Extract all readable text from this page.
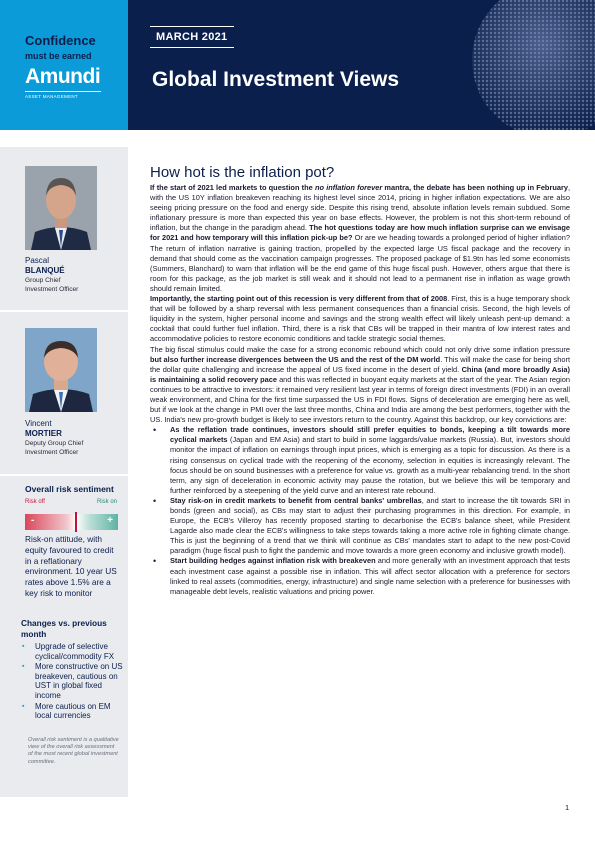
Confidence
must be earned
Amundi
ASSET MANAGEMENT
MARCH 2021
Global Investment Views
Pascal
BLANQUÉ
Group Chief
Investment Officer
Vincent
MORTIER
Deputy Group Chief
Investment Officer
Overall risk sentiment
Risk off	Risk on
-	+
Risk-on attitude, with equity favoured to credit in a reflationary environment. 10 year US rates above 1.5% are a key risk to monitor
Changes vs. previous month
▪ Upgrade of selective cyclical/commodity FX
▪ More constructive on US breakeven, cautious on UST in global fixed income
▪ More cautious on EM local currencies
Overall risk sentiment is a qualitative view of the overall risk assessment of the most recent global investment committee.
How hot is the inflation pot?

If the start of 2021 led markets to question the no inflation forever mantra, the debate has been nothing up in February, with the US 10Y inflation breakeven reaching its highest level since 2014, pricing in higher inflation expectations. We are also seeing pricing pressure on the food and energy side. Despite this rising trend, absolute inflation levels remain subdued. Some inflationary pressure is more than expected this year on base effects. However, the problem is not this short-term rebound of inflation, but the change in the paradigm ahead. The hot questions today are how much inflation surprise can we envisage for 2021 and how temporary will this inflation pick-up be? Or are we heading towards a prolonged period of higher inflation? The return of inflation narrative is gaining traction, propelled by the expected large US fiscal package and the recovery in demand that should come as the vaccination campaign progresses. The proposed package of $1.9tn has led some economists (Summers, Blanchard) to warn that inflation will be the end game of this huge fiscal push. However, others argue that there is room for this package, as the job market is still weak and it should not lead to a permanent rise in inflation as wage growth should remain limited.

Importantly, the starting point out of this recession is very different from that of 2008. First, this is a huge temporary shock that will be followed by a sharp reversal with less permanent consequences than a financial crisis. Second, the high levels of liquidity in the system, higher personal income and savings and the strong wealth effect will likely unleash pent-up demand: a cocktail that could further fuel inflation. Third, there is a risk that CBs will be trapped in their mantra of low interest rates and accommodative policies to restore economic conditions and tackle strategic social themes.

The big fiscal stimulus could make the case for a strong economic rebound which could not only drive some inflation pressure but also further increase divergences between the US and the rest of the DM world. This will make the case for being short the dollar quite challenging and increase the appeal of US fixed income in the desert of yield. China (and more broadly Asia) is maintaining a solid recovery pace and this was reflected in buoyant equity markets at the start of the year. The Asian region continues to be attractive to investors: it remained very resilient last year in terms of foreign direct investments (FDI) in an overall weak environment, and China for the first time surpassed the US in FDI flows. Signs of deceleration are emerging here as well, but if we look at the change in PMI over the last three months, China and India are among the best performers, together with the US. India's new pro-growth budget is likely to see investors return to the country. Against this backdrop, our key convictions are:

• As the reflation trade continues, investors should still prefer equities to bonds, keeping a tilt towards more cyclical markets (Japan and EM Asia) and start to build in some laggards/value markets (Russia). But, investors should monitor the impact of inflation on earnings through input prices, which is emerging as a topic for discussion. As there is a rising consensus on cyclical trade with the reopening of the economy, selection in equities is increasingly relevant. The focus should be on sound businesses with a preference for value vs. growth as a multi-year rebalancing trend. In the short term, any sign of deceleration in economic activity may pause the rotation, but we believe this will be temporary and further reinforced by a steepening of the yield curve and an interest rate rebound.
• Stay risk-on in credit markets to benefit from central banks' umbrellas, and start to increase the tilt towards SRI in bonds (green and social), as CBs may start to adjust their purchasing programmes in this direction. For example, in Europe, the ECB's Villeroy has recently proposed starting to decarbonise the ECB's balance sheet, while President Lagarde also made clear the ECB's willingness to take steps towards taking a more active role in fighting climate change. This is just the beginning of a trend that we think will continue as CBs' mandates start to adapt to the new post-Covid paradigm (huge fiscal push to fight the pandemic and move towards a more green economy and inclusive growth model).
• Start building hedges against inflation risk with breakeven and more generally with an investment approach that tests each investment case against a possible rise in inflation. This will affect sector allocation with a preference for sectors linked to real assets (commodities, energy, infrastructure) and single name selection with a preference for businesses with manageable debt levels, realistic valuations and pricing power.
1
